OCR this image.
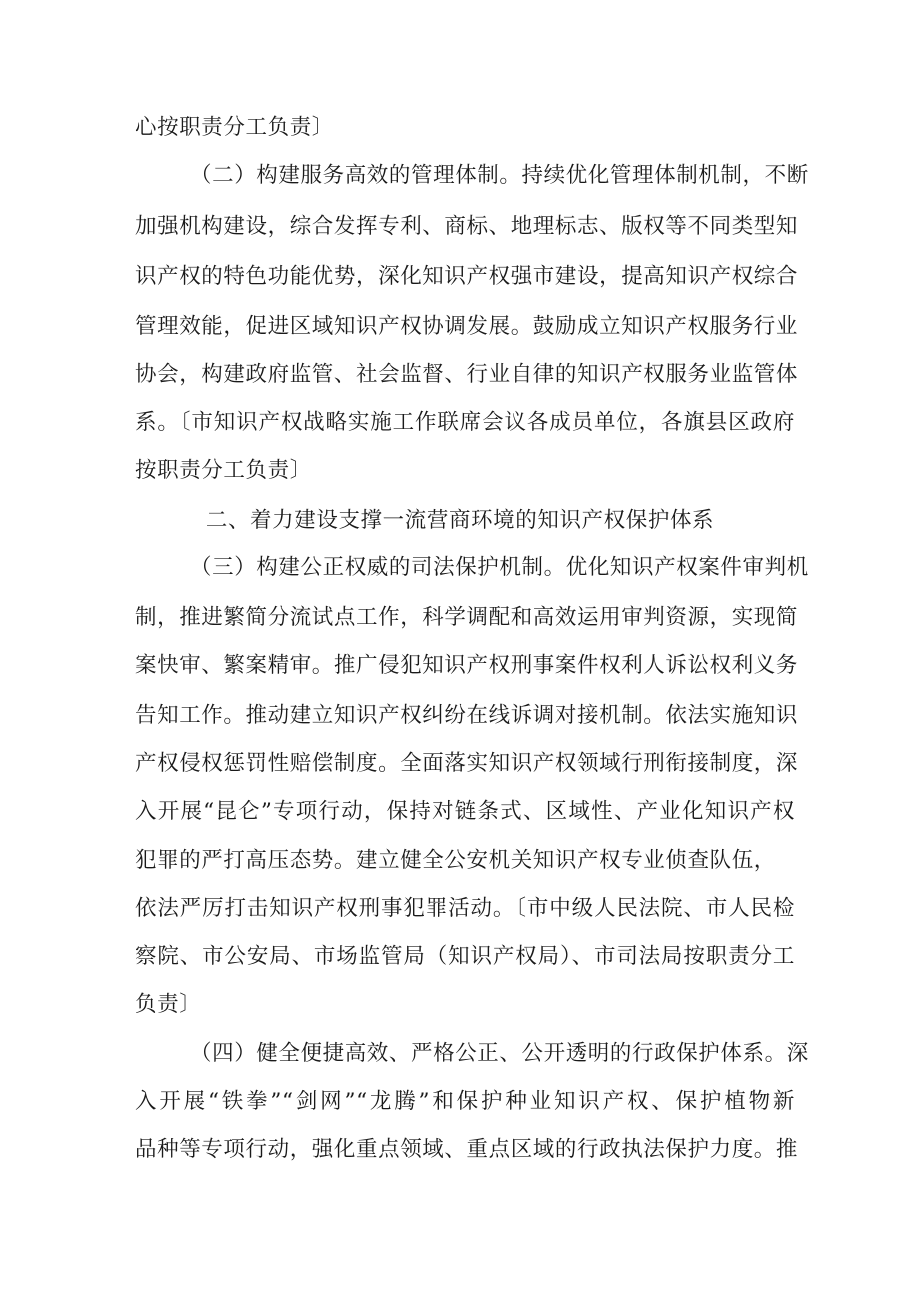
心按职责分工负责〕
（二）构建服务高效的管理体制。持续优化管理体制机制，不断
加强机构建设，综合发挥专利、商标、地理标志、版权等不同类型知
识产权的特色功能优势，深化知识产权强市建设，提高知识产权综合
管理效能，促进区域知识产权协调发展。鼓励成立知识产权服务行业
协会，构建政府监管、社会监督、行业自律的知识产权服务业监管体
系。〔市知识产权战略实施工作联席会议各成员单位，各旗县区政府
按职责分工负责〕
二、着力建设支撑一流营商环境的知识产权保护体系
（三）构建公正权威的司法保护机制。优化知识产权案件审判机
制，推进繁简分流试点工作，科学调配和高效运用审判资源，实现简
案快审、繁案精审。推广侵犯知识产权刑事案件权利人诉讼权利义务
告知工作。推动建立知识产权纠纷在线诉调对接机制。依法实施知识
产权侵权惩罚性赔偿制度。全面落实知识产权领域行刑衔接制度，深
入开展“昆仑”专项行动，保持对链条式、区域性、产业化知识产权
犯罪的严打高压态势。建立健全公安机关知识产权专业侦查队伍，
依法严厉打击知识产权刑事犯罪活动。〔市中级人民法院、市人民检
察院、市公安局、市场监管局（知识产权局）、市司法局按职责分工
负责〕
（四）健全便捷高效、严格公正、公开透明的行政保护体系。深
入开展“铁拳”“剑网”“龙腾”和保护种业知识产权、保护植物新
品种等专项行动，强化重点领域、重点区域的行政执法保护力度。推
